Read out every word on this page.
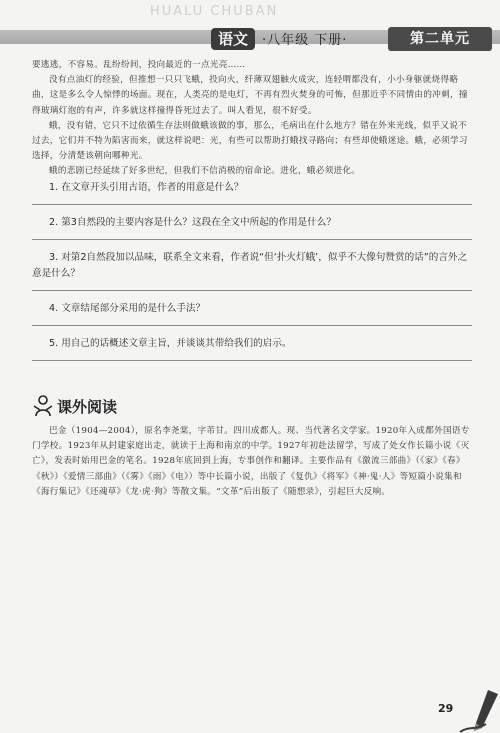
HUALU CHUBAN
语文	·八年级 下册·	第二单元

要逃逃，不容易。乱纷纷间，投向最近的一点光亮……

没有点油灯的经验，但推想一只只飞蛾，投向火，纤薄双翅触火成灾，连轻喟都没有，小小身躯就烧得略曲，这是多么令人惊悸的场面。现在，人类亮的是电灯，不再有烈火焚身的可怖，但那近乎不同情由的冲刺，撞得玻璃灯泡的有声，许多就这样撞得昏死过去了。叫人看见，很不好受。

蛾，没有错，它只不过依循生存法则做蛾该做的事，那么，毛病出在什么地方？错在外来光线，似乎又说不过去，它们并不特为陷害而来，就这样说吧：光，有些可以帮助打蛾找寻路向；有些却使蛾迷途。蛾，必须学习选择，分清楚该朝向哪种光。

蛾的悲剧已经延续了好多世纪，但我们不信消极的宿命论。进化，蛾必须进化。

1. 在文章开头引用古语，作者的用意是什么？

2. 第3自然段的主要内容是什么？这段在全文中所起的作用是什么？

3. 对第2自然段加以品味，联系全文来看，作者说“但‘扑火灯蛾’，似乎不大像句赞赏的话”的言外之意是什么？

4. 文章结尾部分采用的是什么手法？

5. 用自己的话概述文章主旨，并谈谈其带给我们的启示。

课外阅读

巴金（1904—2004），原名李尧棠，字芾甘。四川成都人。现、当代著名文学家。1920年入成都外国语专门学校。1923年从封建家庭出走，就读于上海和南京的中学。1927年初赴法留学，写成了处女作长篇小说《灭亡》，发表时始用巴金的笔名。1928年底回到上海，专事创作和翻译。主要作品有《激流三部曲》（《家》《春》《秋》）《爱情三部曲》（《雾》《雨》《电》）等中长篇小说，出版了《复仇》《将军》《神·鬼·人》等短篇小说集和《海行集记》《还魂草》《龙·虎·狗》等散文集。“文革”后出版了《随想录》，引起巨大反响。

29
